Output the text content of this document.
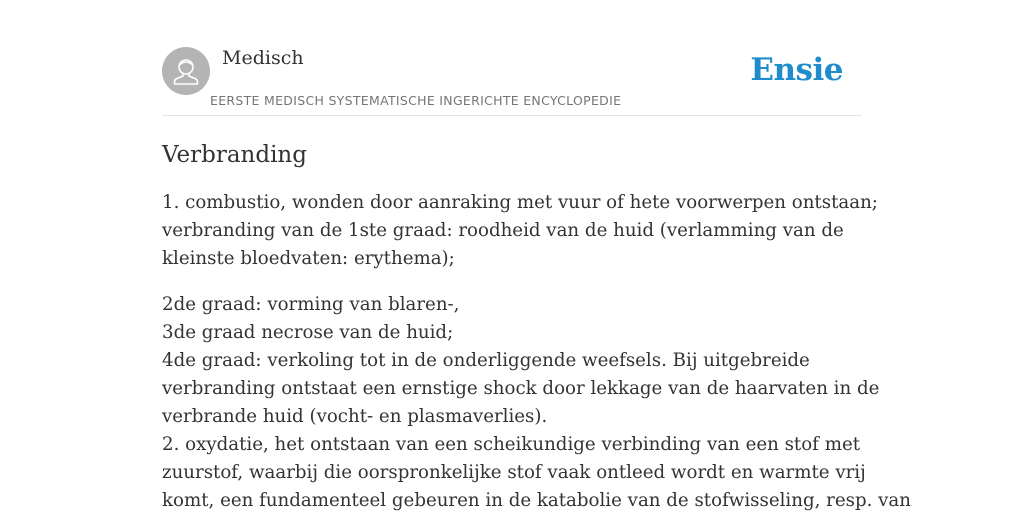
Medisch
EERSTE MEDISCH SYSTEMATISCHE INGERICHTE ENCYCLOPEDIE
Ensie
Verbranding

1. combustio, wonden door aanraking met vuur of hete voorwerpen ontstaan;
verbranding van de 1ste graad: roodheid van de huid (verlamming van de
kleinste bloedvaten: erythema);

2de graad: vorming van blaren-,
3de graad necrose van de huid;
4de graad: verkoling tot in de onderliggende weefsels. Bij uitgebreide
verbranding ontstaat een ernstige shock door lekkage van de haarvaten in de
verbrande huid (vocht- en plasmaverlies).
2. oxydatie, het ontstaan van een scheikundige verbinding van een stof met
zuurstof, waarbij die oorspronkelijke stof vaak ontleed wordt en warmte vrij
komt, een fundamenteel gebeuren in de katabolie van de stofwisseling, resp. van
